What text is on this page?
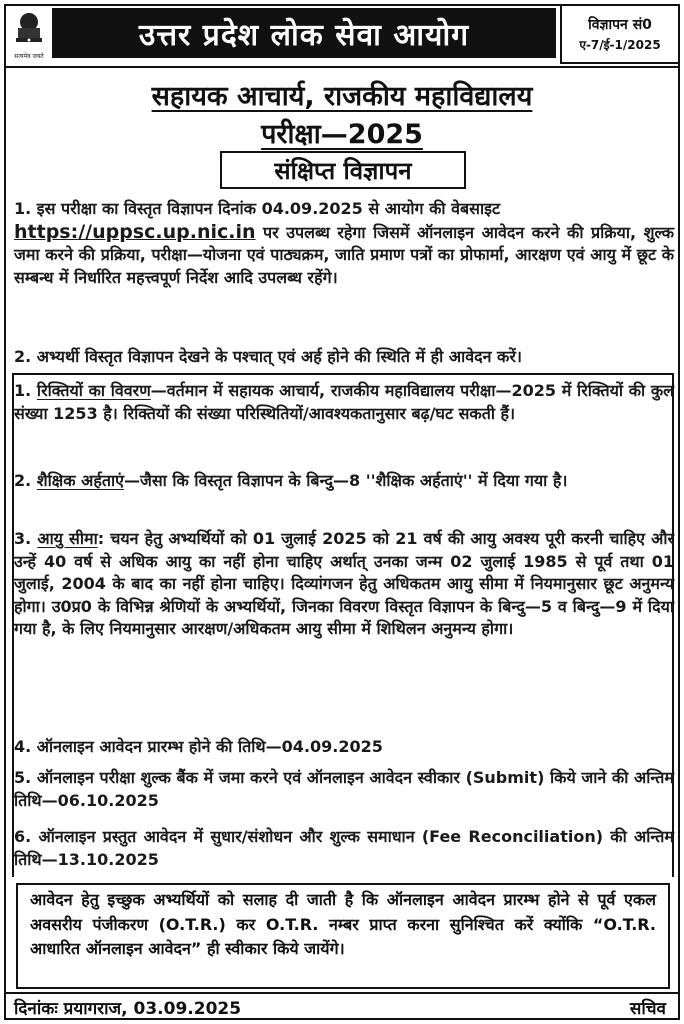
सत्यमेव जयते
उत्तर प्रदेश लोक सेवा आयोग	विज्ञापन सं0
ए-7/ई-1/2025
सहायक आचार्य, राजकीय महाविद्यालय
परीक्षा—2025
संक्षिप्त विज्ञापन
1. इस परीक्षा का विस्तृत विज्ञापन दिनांक 04.09.2025 से आयोग की वेबसाइट
https://uppsc.up.nic.in पर उपलब्ध रहेगा जिसमें ऑनलाइन आवेदन करने की प्रक्रिया, शुल्क जमा करने की प्रक्रिया, परीक्षा—योजना एवं पाठ्यक्रम, जाति प्रमाण पत्रों का प्रोफार्मा, आरक्षण एवं आयु में छूट के सम्बन्ध में निर्धारित महत्त्वपूर्ण निर्देश आदि उपलब्ध रहेंगे।
2. अभ्यर्थी विस्तृत विज्ञापन देखने के पश्चात् एवं अर्ह होने की स्थिति में ही आवेदन करें।
1. रिक्तियों का विवरण—वर्तमान में सहायक आचार्य, राजकीय महाविद्यालय परीक्षा—2025 में रिक्तियों की कुल संख्या 1253 है। रिक्तियों की संख्या परिस्थितियों/आवश्यकतानुसार बढ़/घट सकती हैं।
2. शैक्षिक अर्हताएं—जैसा कि विस्तृत विज्ञापन के बिन्दु—8 ''शैक्षिक अर्हताएं'' में दिया गया है।
3. आयु सीमा: चयन हेतु अभ्यर्थियों को 01 जुलाई 2025 को 21 वर्ष की आयु अवश्य पूरी करनी चाहिए और उन्हें 40 वर्ष से अधिक आयु का नहीं होना चाहिए अर्थात् उनका जन्म 02 जुलाई 1985 से पूर्व तथा 01 जुलाई, 2004 के बाद का नहीं होना चाहिए। दिव्यांगजन हेतु अधिकतम आयु सीमा में नियमानुसार छूट अनुमन्य होगा। उ0प्र0 के विभिन्न श्रेणियों के अभ्यर्थियों, जिनका विवरण विस्तृत विज्ञापन के बिन्दु—5 व बिन्दु—9 में दिया गया है, के लिए नियमानुसार आरक्षण/अधिकतम आयु सीमा में शिथिलन अनुमन्य होगा।
4. ऑनलाइन आवेदन प्रारम्भ होने की तिथि—04.09.2025
5. ऑनलाइन परीक्षा शुल्क बैंक में जमा करने एवं ऑनलाइन आवेदन स्वीकार (Submit) किये जाने की अन्तिम तिथि—06.10.2025
6. ऑनलाइन प्रस्तुत आवेदन में सुधार/संशोधन और शुल्क समाधान (Fee Reconciliation) की अन्तिम तिथि—13.10.2025
आवेदन हेतु इच्छुक अभ्यर्थियों को सलाह दी जाती है कि ऑनलाइन आवेदन प्रारम्भ होने से पूर्व एकल अवसरीय पंजीकरण (O.T.R.) कर O.T.R. नम्बर प्राप्त करना सुनिश्चित करें क्योंकि “O.T.R. आधारित ऑनलाइन आवेदन” ही स्वीकार किये जायेंगे।
दिनांकः प्रयागराज, 03.09.2025	सचिव
